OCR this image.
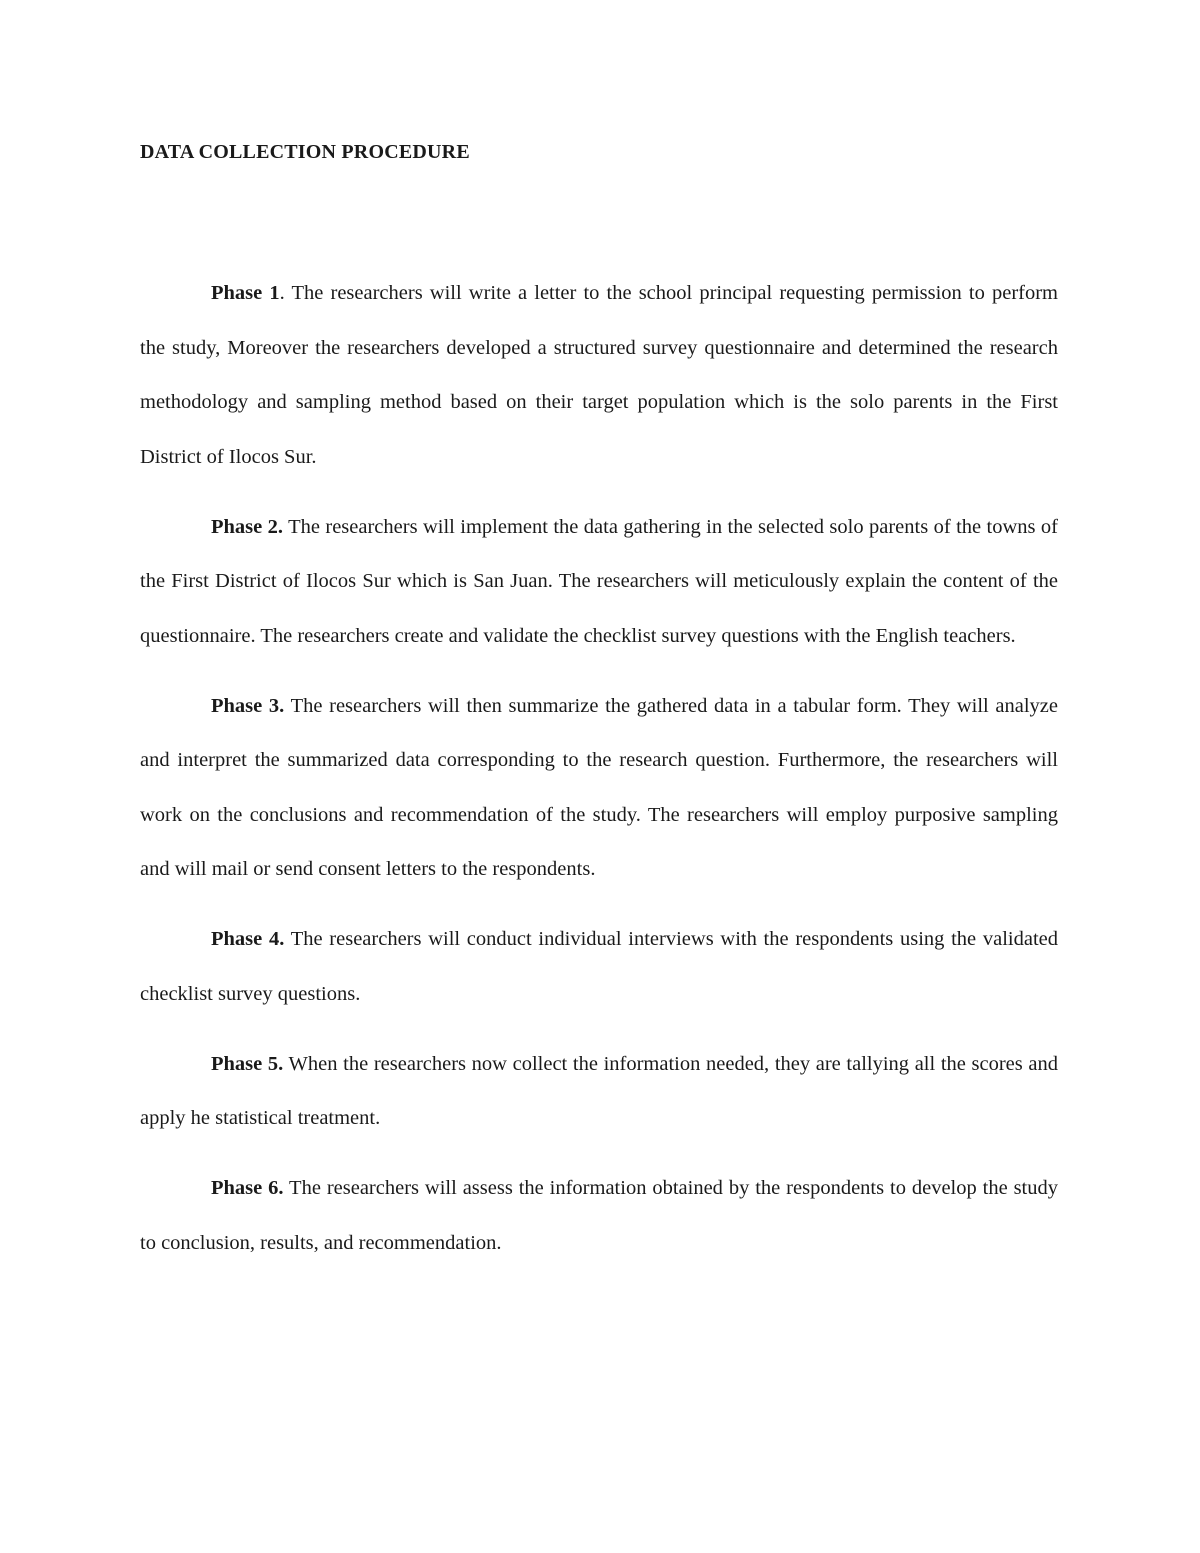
DATA COLLECTION PROCEDURE

Phase 1. The researchers will write a letter to the school principal requesting permission to perform the study, Moreover the researchers developed a structured survey questionnaire and determined the research methodology and sampling method based on their target population which is the solo parents in the First District of Ilocos Sur.

Phase 2. The researchers will implement the data gathering in the selected solo parents of the towns of the First District of Ilocos Sur which is San Juan. The researchers will meticulously explain the content of the questionnaire. The researchers create and validate the checklist survey questions with the English teachers.

Phase 3. The researchers will then summarize the gathered data in a tabular form. They will analyze and interpret the summarized data corresponding to the research question. Furthermore, the researchers will work on the conclusions and recommendation of the study. The researchers will employ purposive sampling and will mail or send consent letters to the respondents.

Phase 4. The researchers will conduct individual interviews with the respondents using the validated checklist survey questions.

Phase 5. When the researchers now collect the information needed, they are tallying all the scores and apply he statistical treatment.

Phase 6. The researchers will assess the information obtained by the respondents to develop the study to conclusion, results, and recommendation.
